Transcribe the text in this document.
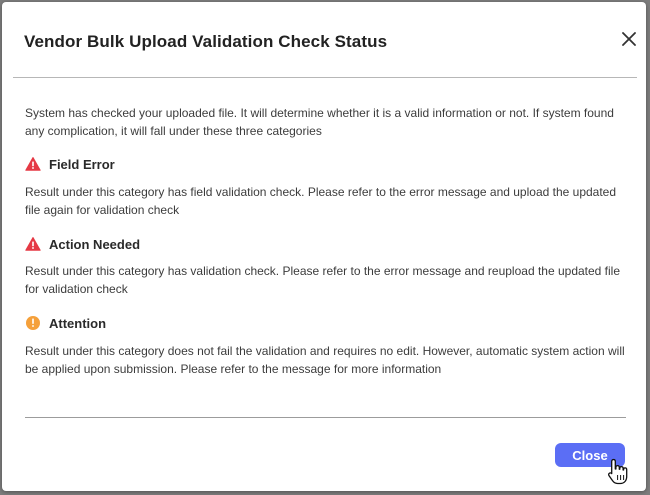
Vendor Bulk Upload Validation Check Status
System has checked your uploaded file. It will determine whether it is a valid information or not. If system found any complication, it will fall under these three categories
Field Error
Result under this category has field validation check. Please refer to the error message and upload the updated file again for validation check
Action Needed
Result under this category has validation check. Please refer to the error message and reupload the updated file for validation check
Attention
Result under this category does not fail the validation and requires no edit. However, automatic system action will be applied upon submission. Please refer to the message for more information
Close
